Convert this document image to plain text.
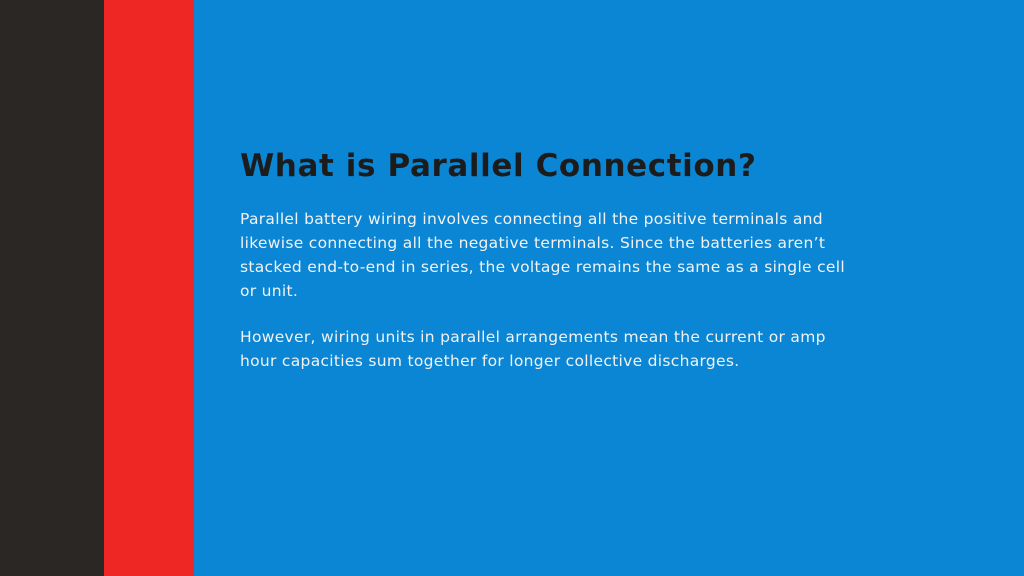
What is Parallel Connection?

Parallel battery wiring involves connecting all the positive terminals and likewise connecting all the negative terminals. Since the batteries aren’t stacked end-to-end in series, the voltage remains the same as a single cell or unit.

However, wiring units in parallel arrangements mean the current or amp hour capacities sum together for longer collective discharges.
